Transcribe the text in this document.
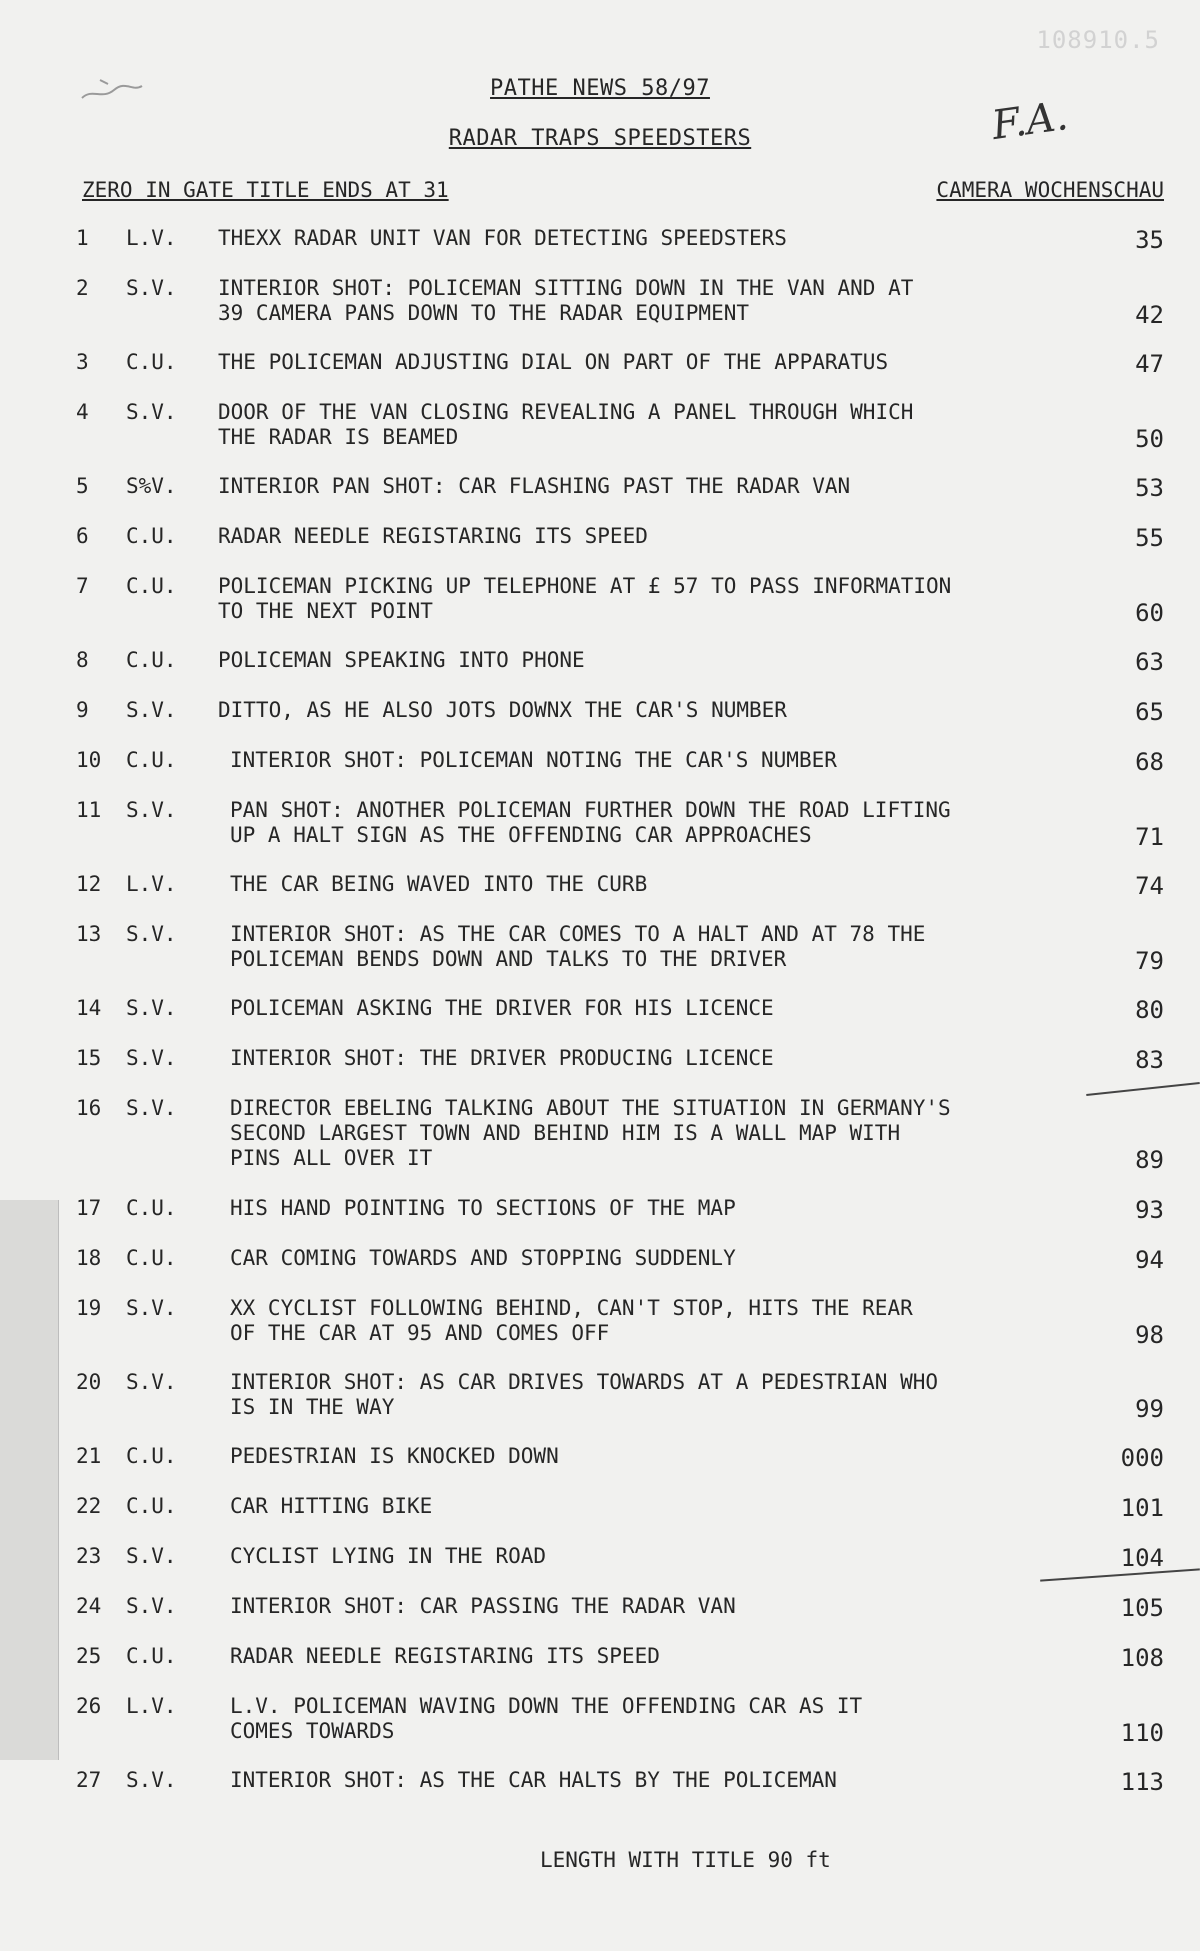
108910.5
F.A.
PATHE NEWS 58/97
RADAR TRAPS SPEEDSTERS
ZERO IN GATE TITLE ENDS AT 31	CAMERA WOCHENSCHAU
1	L.V.	THEXX RADAR UNIT VAN FOR DETECTING SPEEDSTERS	35
2	S.V.	INTERIOR SHOT: POLICEMAN SITTING DOWN IN THE VAN AND AT
39 CAMERA PANS DOWN TO THE RADAR EQUIPMENT	42
3	C.U.	THE POLICEMAN ADJUSTING DIAL ON PART OF THE APPARATUS	47
4	S.V.	DOOR OF THE VAN CLOSING REVEALING A PANEL THROUGH WHICH
THE RADAR IS BEAMED	50
5	S%V.	INTERIOR PAN SHOT: CAR FLASHING PAST THE RADAR VAN	53
6	C.U.	RADAR NEEDLE REGISTARING ITS SPEED	55
7	C.U.	POLICEMAN PICKING UP TELEPHONE AT £ 57 TO PASS INFORMATION
TO THE NEXT POINT	60
8	C.U.	POLICEMAN SPEAKING INTO PHONE	63
9	S.V.	DITTO, AS HE ALSO JOTS DOWNX THE CAR'S NUMBER	65
10	C.U.	INTERIOR SHOT: POLICEMAN NOTING THE CAR'S NUMBER	68
11	S.V.	PAN SHOT: ANOTHER POLICEMAN FURTHER DOWN THE ROAD LIFTING
UP A HALT SIGN AS THE OFFENDING CAR APPROACHES	71
12	L.V.	THE CAR BEING WAVED INTO THE CURB	74
13	S.V.	INTERIOR SHOT: AS THE CAR COMES TO A HALT AND AT 78 THE
POLICEMAN BENDS DOWN AND TALKS TO THE DRIVER	79
14	S.V.	POLICEMAN ASKING THE DRIVER FOR HIS LICENCE	80
15	S.V.	INTERIOR SHOT: THE DRIVER PRODUCING LICENCE	83
16	S.V.	DIRECTOR EBELING TALKING ABOUT THE SITUATION IN GERMANY'S
SECOND LARGEST TOWN AND BEHIND HIM IS A WALL MAP WITH
PINS ALL OVER IT	89
17	C.U.	HIS HAND POINTING TO SECTIONS OF THE MAP	93
18	C.U.	CAR COMING TOWARDS AND STOPPING SUDDENLY	94
19	S.V.	XX CYCLIST FOLLOWING BEHIND, CAN'T STOP, HITS THE REAR
OF THE CAR AT 95 AND COMES OFF	98
20	S.V.	INTERIOR SHOT: AS CAR DRIVES TOWARDS AT A PEDESTRIAN WHO
IS IN THE WAY	99
21	C.U.	PEDESTRIAN IS KNOCKED DOWN	000
22	C.U.	CAR HITTING BIKE	101
23	S.V.	CYCLIST LYING IN THE ROAD	104
24	S.V.	INTERIOR SHOT: CAR PASSING THE RADAR VAN	105
25	C.U.	RADAR NEEDLE REGISTARING ITS SPEED	108
26	L.V.	L.V. POLICEMAN WAVING DOWN THE OFFENDING CAR AS IT
COMES TOWARDS	110
27	S.V.	INTERIOR SHOT: AS THE CAR HALTS BY THE POLICEMAN	113
LENGTH WITH TITLE 90 ft
